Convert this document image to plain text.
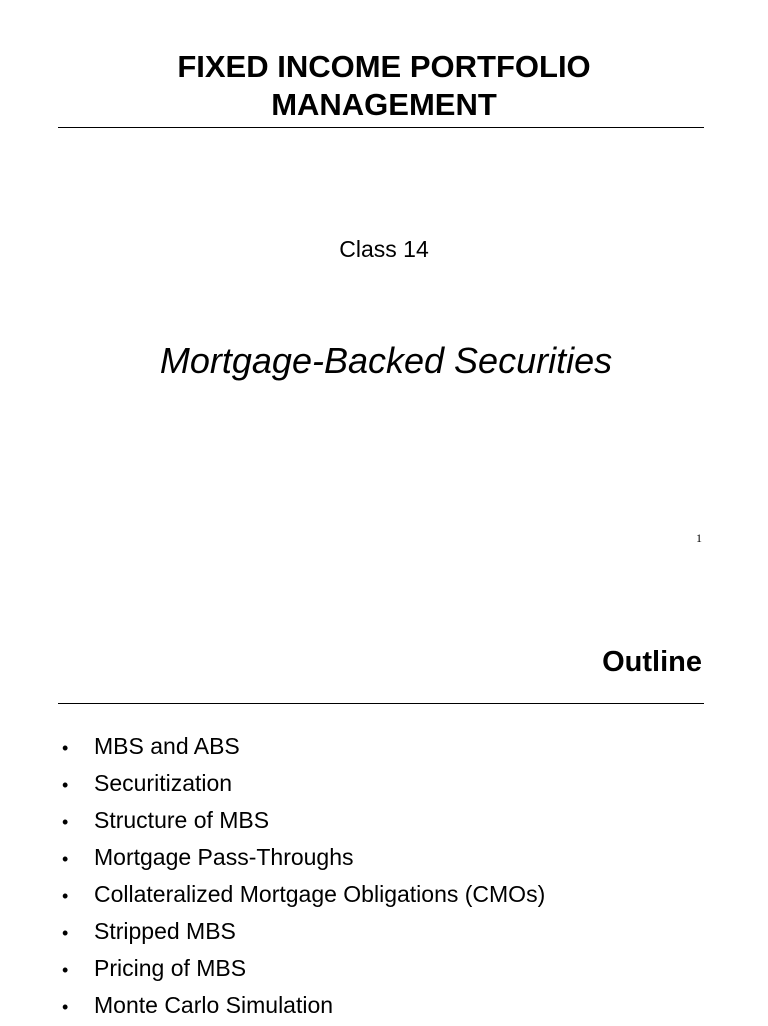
FIXED INCOME PORTFOLIO
MANAGEMENT
Class 14
Mortgage-Backed Securities
1
Outline
• MBS and ABS
• Securitization
• Structure of MBS
• Mortgage Pass-Throughs
• Collateralized Mortgage Obligations (CMOs)
• Stripped MBS
• Pricing of MBS
• Monte Carlo Simulation
